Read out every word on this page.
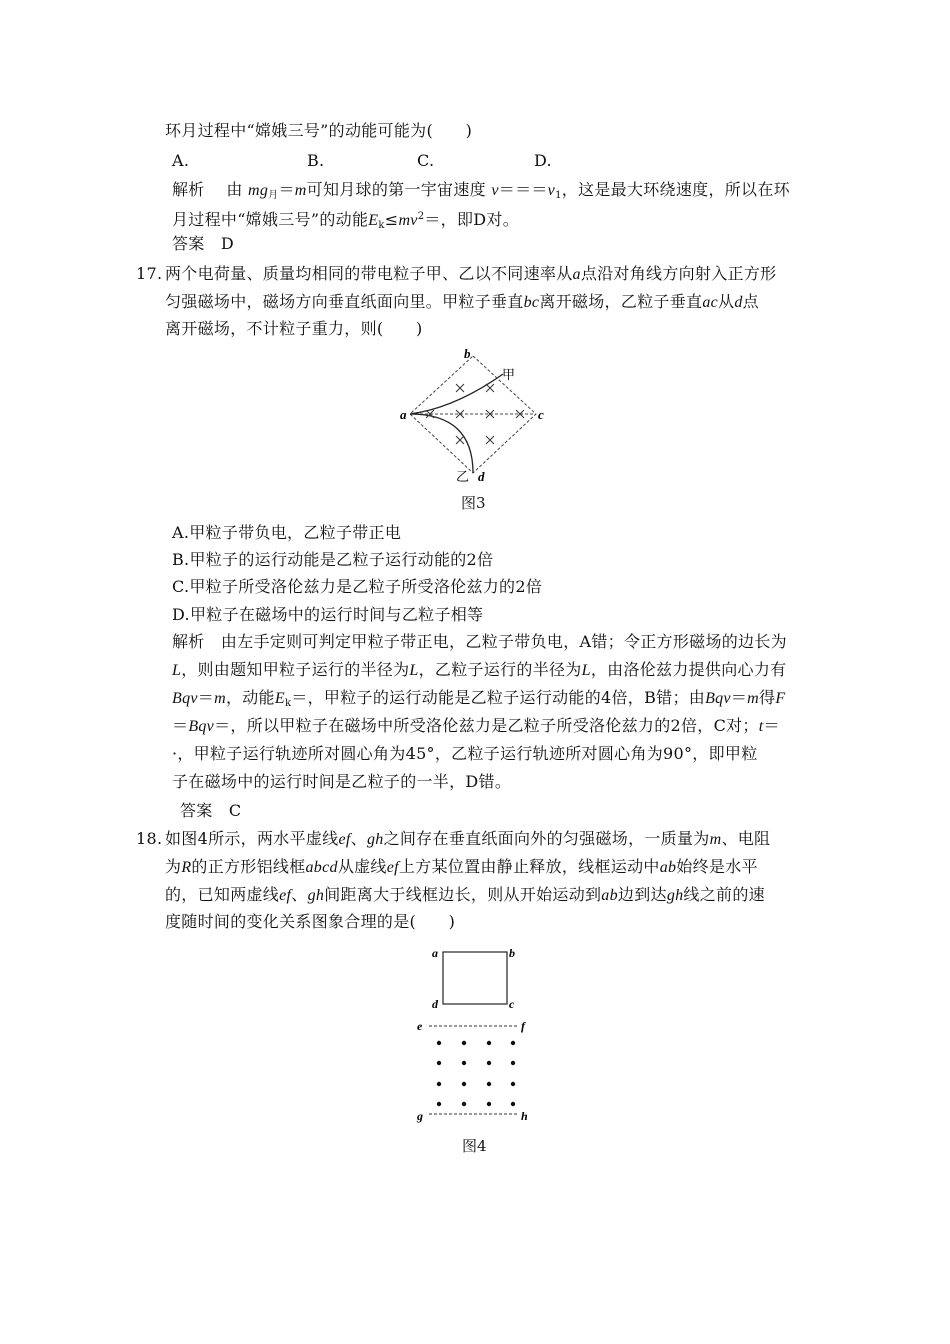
环月过程中“嫦娥三号”的动能可能为(　　)
A.	B.	C.	D.
解析　 由 $mg_月=m$可知月球的第一宇宙速度 $v===v_1$，这是最大环绕速度，所以在环
月过程中“嫦娥三号”的动能$E_k\le mv^2=$，即D对。
答案　D
17. 两个电荷量、质量均相同的带电粒子甲、乙以不同速率从a点沿对角线方向射入正方形
匀强磁场中，磁场方向垂直纸面向里。甲粒子垂直bc离开磁场，乙粒子垂直ac从d点
离开磁场，不计粒子重力，则(　　)
a
b
c
d
甲
乙
图3
A.甲粒子带负电，乙粒子带正电
B.甲粒子的运行动能是乙粒子运行动能的2倍
C.甲粒子所受洛伦兹力是乙粒子所受洛伦兹力的2倍
D.甲粒子在磁场中的运行时间与乙粒子相等
解析　由左手定则可判定甲粒子带正电，乙粒子带负电，A错；令正方形磁场的边长为
L，则由题知甲粒子运行的半径为L，乙粒子运行的半径为L，由洛伦兹力提供向心力有
Bqv＝m，动能$E_k=$，甲粒子的运行动能是乙粒子运行动能的4倍，B错；由Bqv＝m得F
＝Bqv＝，所以甲粒子在磁场中所受洛伦兹力是乙粒子所受洛伦兹力的2倍，C对；t＝
·，甲粒子运行轨迹所对圆心角为45°，乙粒子运行轨迹所对圆心角为90°，即甲粒
子在磁场中的运行时间是乙粒子的一半，D错。
答案　C
18. 如图4所示，两水平虚线ef、gh之间存在垂直纸面向外的匀强磁场，一质量为m、电阻
为R的正方形铝线框abcd从虚线ef上方某位置由静止释放，线框运动中ab始终是水平
的，已知两虚线ef、gh间距离大于线框边长，则从开始运动到ab边到达gh线之前的速
度随时间的变化关系图象合理的是(　　)
a	b
c
d
e	f
g	h
图4
